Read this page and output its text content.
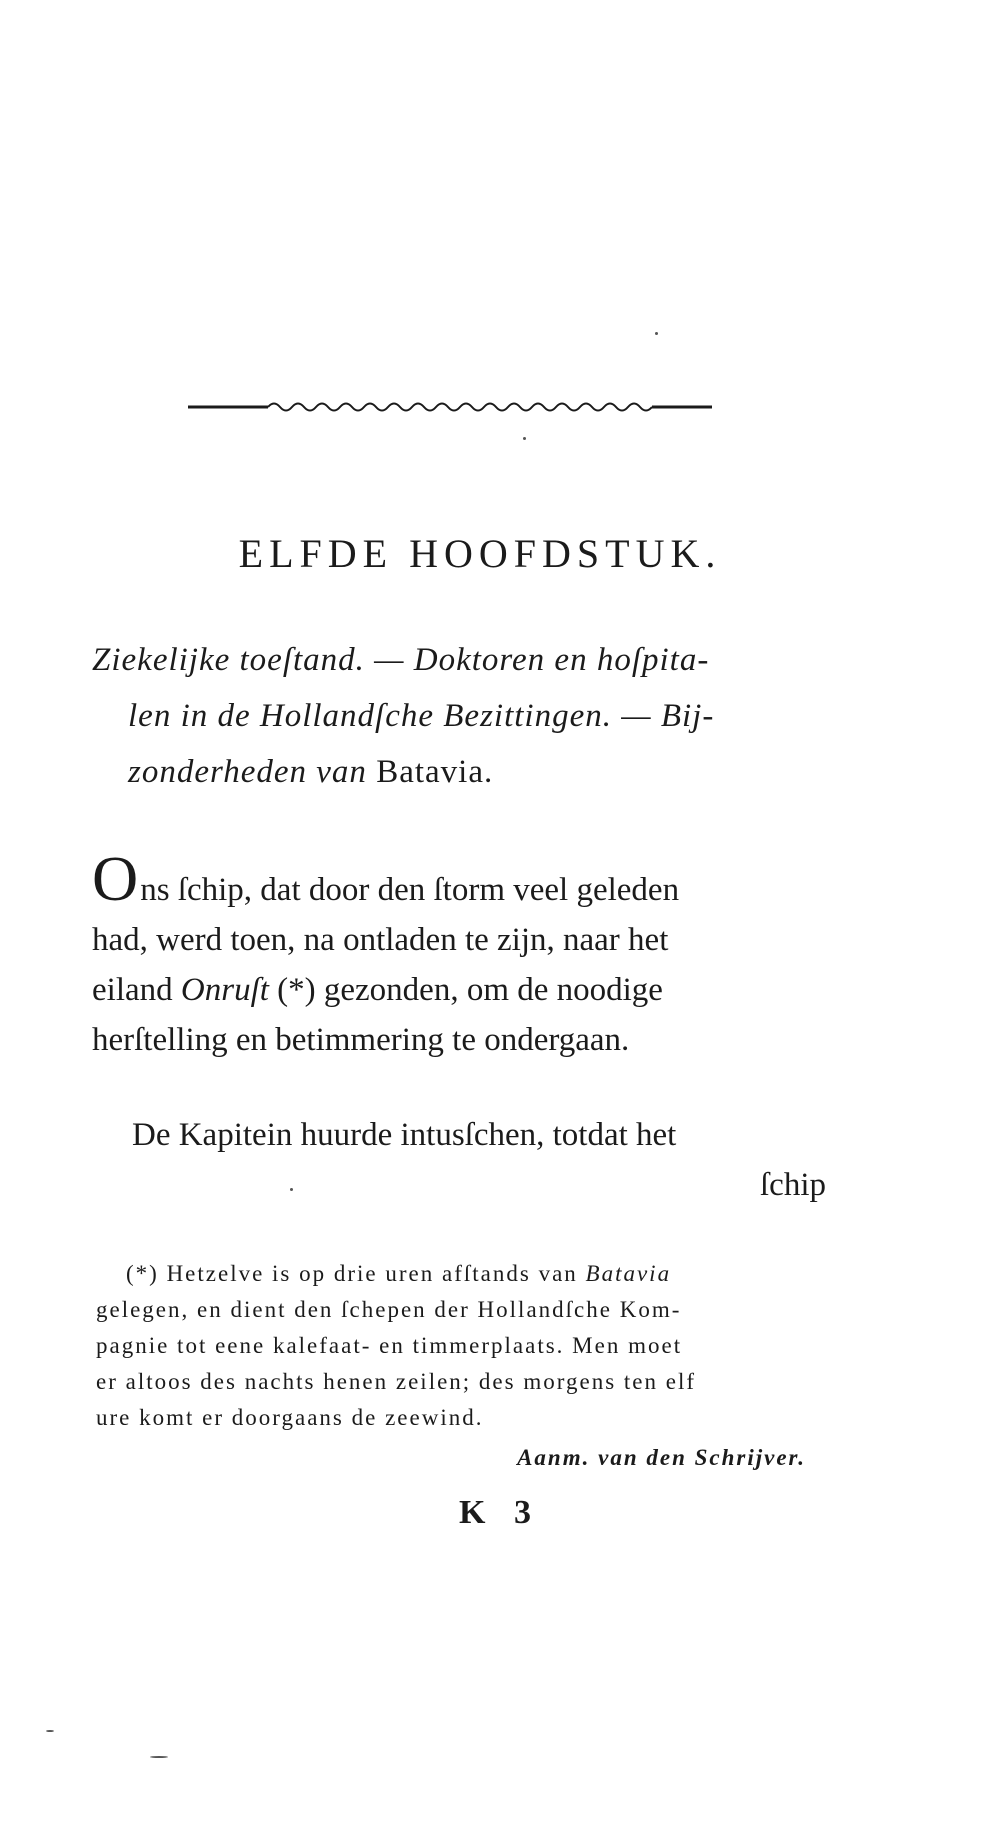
ELFDE HOOFDSTUK.
Ziekelijke toeſtand. — Doktoren en hoſpita-
len in de Hollandſche Bezittingen. — Bij-
zonderheden van Batavia.
Ons ſchip, dat door den ſtorm veel geleden
had, werd toen, na ontladen te zijn, naar het
eiland Onruſt (*) gezonden, om de noodige
herſtelling en betimmering te ondergaan.
De Kapitein huurde intusſchen, totdat het
ſchip
(*) Hetzelve is op drie uren afſtands van Batavia
gelegen, en dient den ſchepen der Hollandſche Kom-
pagnie tot eene kalefaat- en timmerplaats. Men moet
er altoos des nachts henen zeilen; des morgens ten elf
ure komt er doorgaans de zeewind.
Aanm. van den Schrijver.
K 3
